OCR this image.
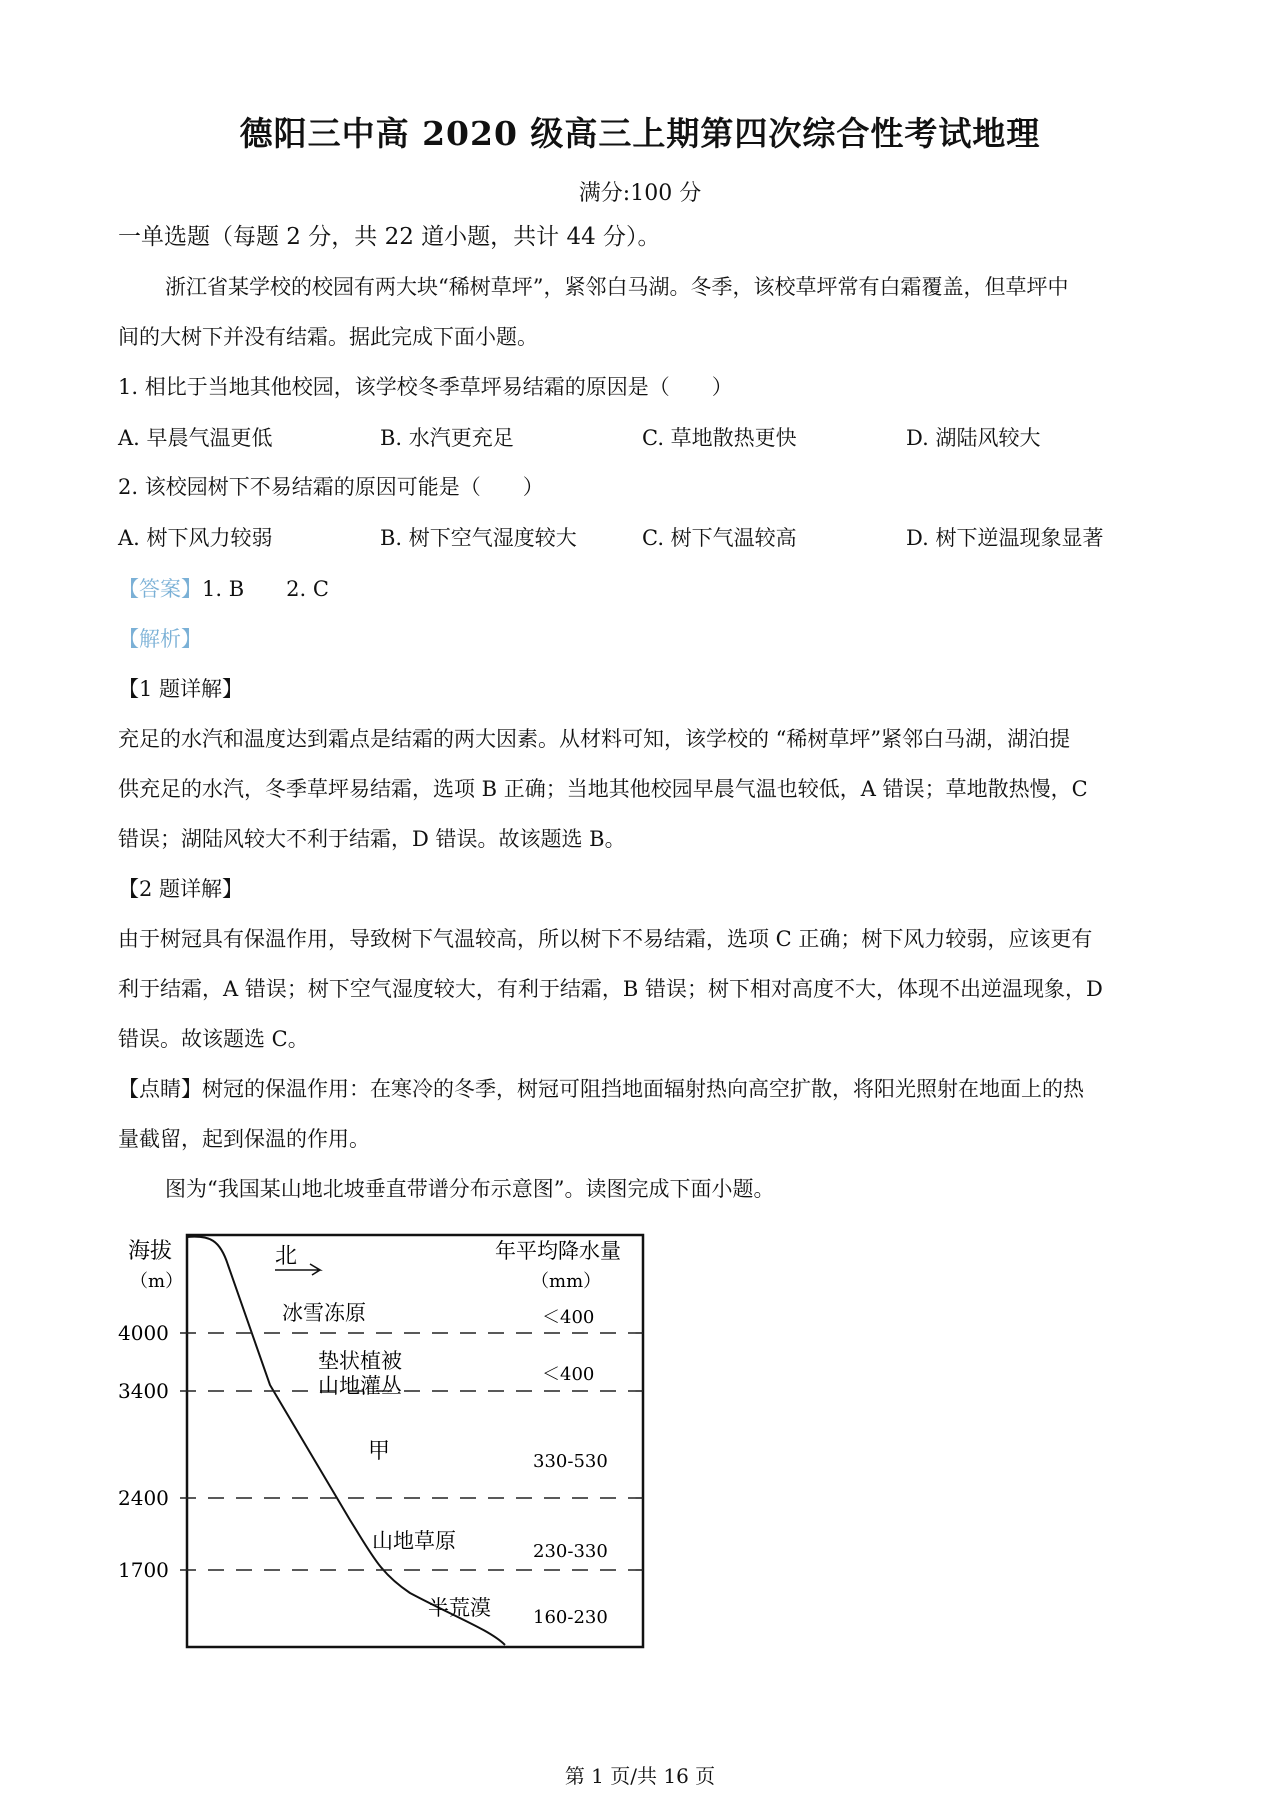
德阳三中高 2020 级高三上期第四次综合性考试地理
满分:100 分
一单选题（每题 2 分，共 22 道小题，共计 44 分）。
浙江省某学校的校园有两大块“稀树草坪”，紧邻白马湖。冬季，该校草坪常有白霜覆盖，但草坪中
间的大树下并没有结霜。据此完成下面小题。
1. 相比于当地其他校园，该学校冬季草坪易结霜的原因是（　　）
A. 早晨气温更低	B. 水汽更充足	C. 草地散热更快	D. 湖陆风较大
2. 该校园树下不易结霜的原因可能是（　　）
A. 树下风力较弱	B. 树下空气湿度较大	C. 树下气温较高	D. 树下逆温现象显著
【答案】1. B　　2. C
【解析】
【1 题详解】
充足的水汽和温度达到霜点是结霜的两大因素。从材料可知，该学校的 “稀树草坪”紧邻白马湖，湖泊提
供充足的水汽，冬季草坪易结霜，选项 B 正确；当地其他校园早晨气温也较低，A 错误；草地散热慢，C
错误；湖陆风较大不利于结霜，D 错误。故该题选 B。
【2 题详解】
由于树冠具有保温作用，导致树下气温较高，所以树下不易结霜，选项 C 正确；树下风力较弱，应该更有
利于结霜，A 错误；树下空气湿度较大，有利于结霜，B 错误；树下相对高度不大，体现不出逆温现象，D
错误。故该题选 C。
【点睛】树冠的保温作用：在寒冷的冬季，树冠可阻挡地面辐射热向高空扩散，将阳光照射在地面上的热
量截留，起到保温的作用。
图为“我国某山地北坡垂直带谱分布示意图”。读图完成下面小题。
海拔
（m）
4000
3400
2400
1700
北	年平均降水量
（mm）
冰雪冻原
垫状植被
山地灌丛
甲
山地草原
半荒漠
＜400
＜400
330-530
230-330
160-230
第 1 页/共 16 页
